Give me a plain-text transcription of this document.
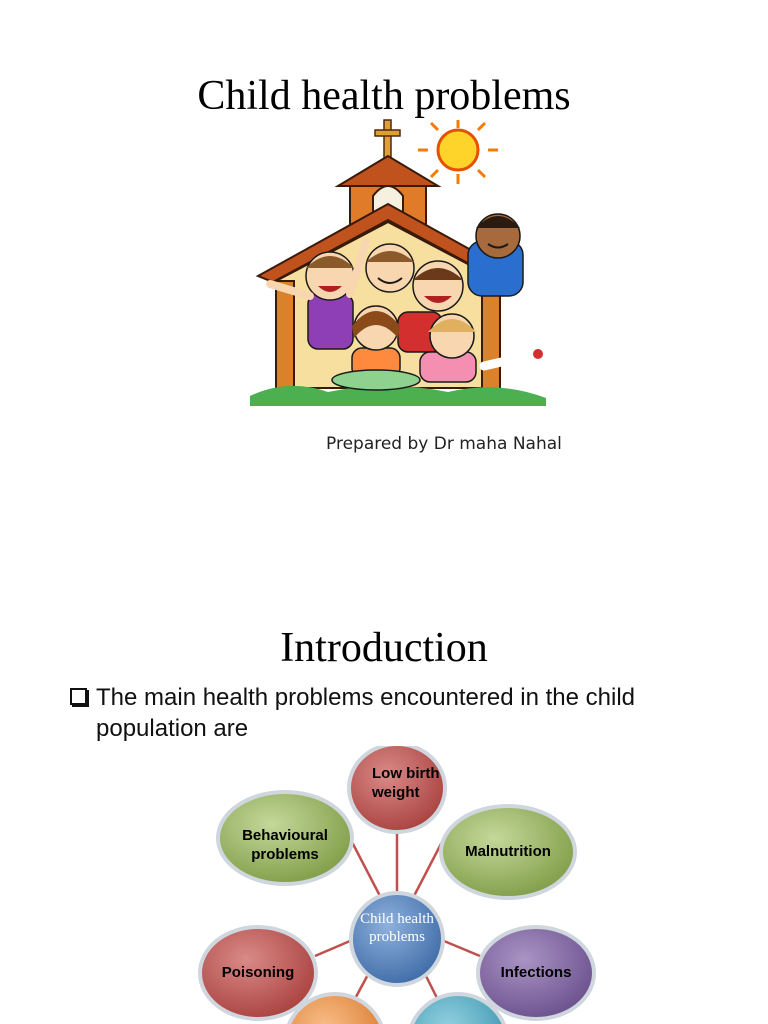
Child health problems
Prepared by Dr maha Nahal
Introduction
The main health problems encountered in the child population are
Low birth weight
Behavioural problems	Malnutrition
Poisoning	Infections
Child health problems
